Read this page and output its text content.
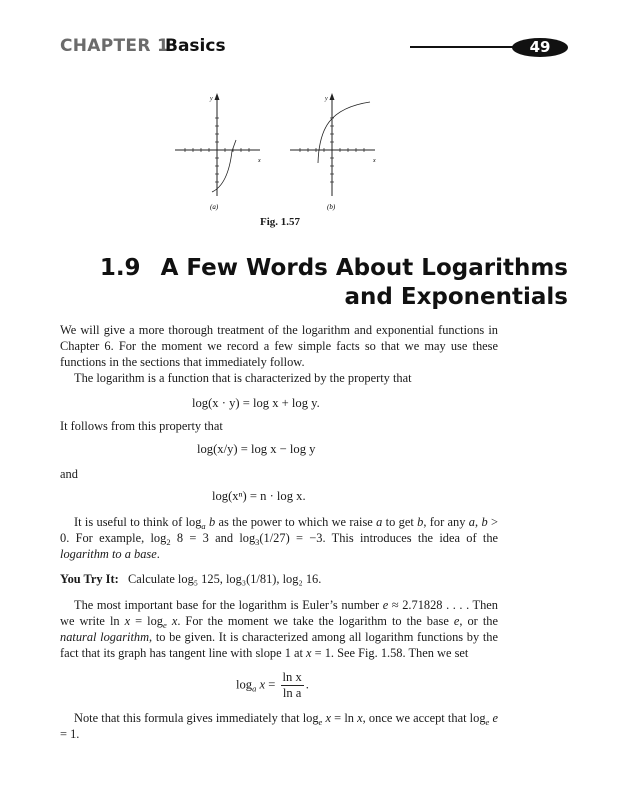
CHAPTER 1
Basics	49
y
x
(a)
y
x
(b)
Fig. 1.57
1.9 A Few Words About Logarithms
and Exponentials

We will give a more thorough treatment of the logarithm and exponential functions in Chapter 6. For the moment we record a few simple facts so that we may use these functions in the sections that immediately follow.

The logarithm is a function that is characterized by the property that

log(x · y) = log x + log y.
It follows from this property that
log(x/y) = log x − log y
and
log(xⁿ) = n · log x.

It is useful to think of $\log_a b$ as the power to which we raise a to get b, for any a, b > 0. For example, $\log_2 8 = 3$ and $\log_3(1/27) = -3$. This introduces the idea of the logarithm to a base.

You Try It: Calculate log₅ 125, log₃(1/81), log₂ 16.

The most important base for the logarithm is Euler’s number e ≈ 2.71828 . . . . Then we write $\ln x = \log_e x$. For the moment we take the logarithm to the base e, or the natural logarithm, to be given. It is characterized among all logarithm functions by the fact that its graph has tangent line with slope 1 at x = 1. See Fig. 1.58. Then we set

$\log_a x = \frac{\text{ln x}}{\text{ln a}}$ .

Note that this formula gives immediately that $\log_e x = \ln x$, once we accept that $\log_e e = 1$.
